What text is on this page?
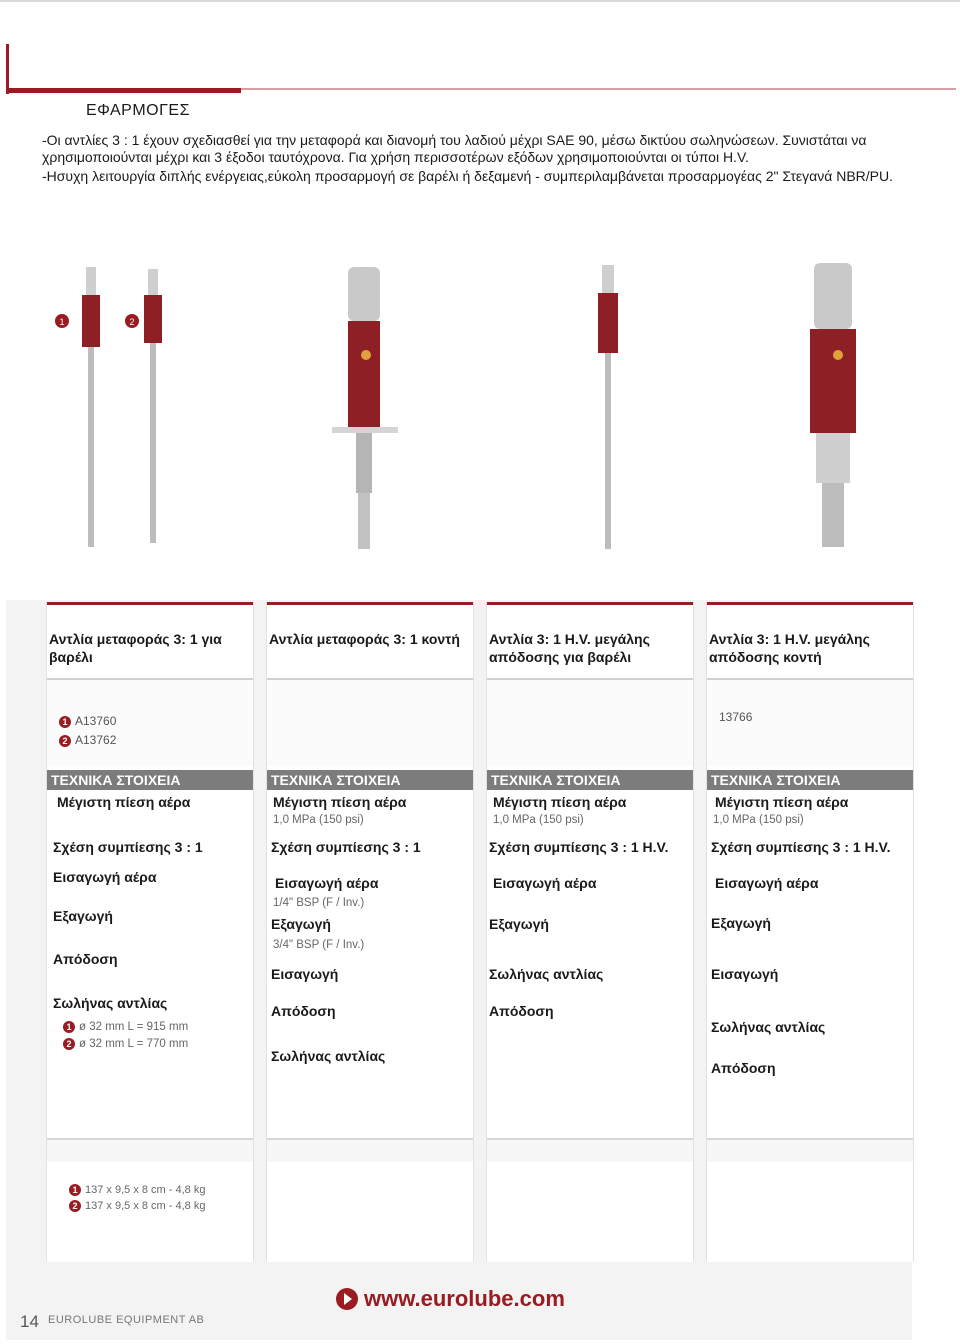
ΕΦΑΡΜΟΓΕΣ

-Οι αντλίες 3 : 1 έχουν σχεδιασθεί για την μεταφορά και διανομή του λαδιού μέχρι SAE 90, μέσω δικτύου σωληνώσεων. Συνιστάται να χρησιμοποιούνται μέχρι και 3 έξοδοι ταυτόχρονα. Για χρήση περισσοτέρων εξόδων χρησιμοποιούνται οι τύποι H.V.

-Ησυχη λειτουργία διπλής ενέργειας,εύκολη προσαρμογή σε βαρέλι ή δεξαμενή - συμπεριλαμβάνεται προσαρμογέας 2" Στεγανά NBR/PU.

1	2
Αντλία μεταφοράς 3: 1 για βαρέλι
1 A13760
2 A13762
ΤΕΧΝΙΚΑ ΣΤΟΙΧΕΙΑ
Μέγιστη πίεση αέρα
Σχέση συμπίεσης 3 : 1
Εισαγωγή αέρα
Εξαγωγή
Απόδοση
Σωλήνας αντλίας
1 ø 32 mm L = 915 mm
2 ø 32 mm L = 770 mm
1 137 x 9,5 x 8 cm - 4,8 kg
2 137 x 9,5 x 8 cm - 4,8 kg
Αντλία μεταφοράς 3: 1 κοντή
ΤΕΧΝΙΚΑ ΣΤΟΙΧΕΙΑ
Μέγιστη πίεση αέρα
1,0 MPa (150 psi)
Σχέση συμπίεσης 3 : 1
Εισαγωγή αέρα
1/4" BSP (F / Inv.)
Εξαγωγή
3/4" BSP (F / Inv.)
Εισαγωγή
Απόδοση
Σωλήνας αντλίας
Αντλία 3: 1 H.V. μεγάλης απόδοσης για βαρέλι
ΤΕΧΝΙΚΑ ΣΤΟΙΧΕΙΑ
Μέγιστη πίεση αέρα
1,0 MPa (150 psi)
Σχέση συμπίεσης 3 : 1 H.V.
Εισαγωγή αέρα
Εξαγωγή
Σωλήνας αντλίας
Απόδοση
Αντλία 3: 1 H.V. μεγάλης απόδοσης κοντή
13766
ΤΕΧΝΙΚΑ ΣΤΟΙΧΕΙΑ
Μέγιστη πίεση αέρα
1,0 MPa (150 psi)
Σχέση συμπίεσης 3 : 1 H.V.
Εισαγωγή αέρα
Εξαγωγή
Εισαγωγή
Σωλήνας αντλίας
Απόδοση
www.eurolube.com
14 EUROLUBE EQUIPMENT AB
